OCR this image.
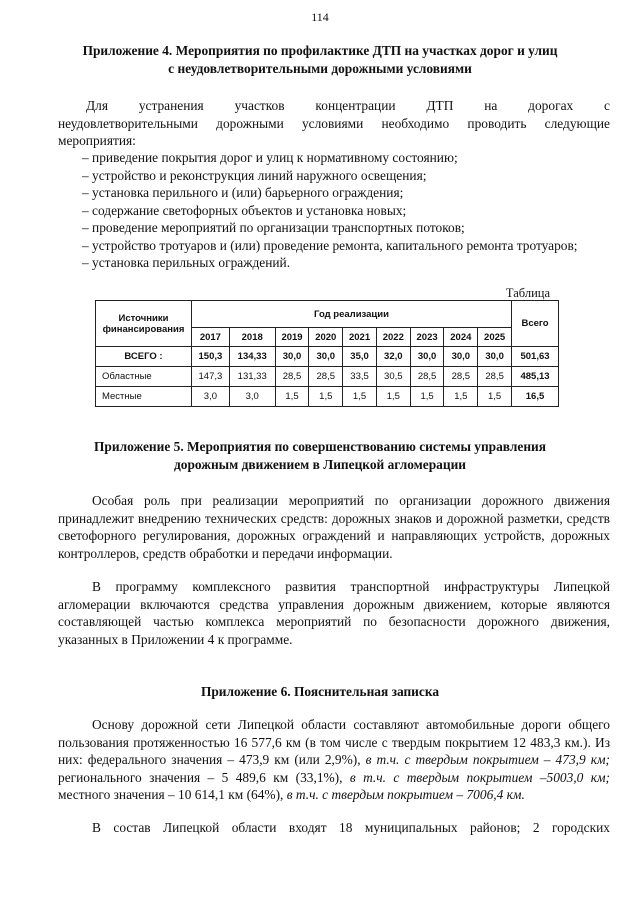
114
Приложение 4. Мероприятия по профилактике ДТП на участках дорог и улиц
с неудовлетворительными дорожными условиями
Для устранения участков концентрации ДТП на дорогах с
неудовлетворительными дорожными условиями необходимо проводить следующие мероприятия:
– приведение покрытия дорог и улиц к нормативному состоянию;
– устройство и реконструкция линий наружного освещения;
– установка перильного и (или) барьерного ограждения;
– содержание светофорных объектов и установка новых;
– проведение мероприятий по организации транспортных потоков;
– устройство тротуаров и (или) проведение ремонта, капитального ремонта тротуаров;
– установка перильных ограждений.
Таблица
Источники финансирования	Год реализации									Всего
	2017	2018	2019	2020	2021	2022	2023	2024	2025	
ВСЕГО :	150,3	134,33	30,0	30,0	35,0	32,0	30,0	30,0	30,0	501,63
Областные	147,3	131,33	28,5	28,5	33,5	30,5	28,5	28,5	28,5	485,13
Местные	3,0	3,0	1,5	1,5	1,5	1,5	1,5	1,5	1,5	16,5
Приложение 5. Мероприятия по совершенствованию системы управления
дорожным движением в Липецкой агломерации
Особая роль при реализации мероприятий по организации дорожного движения принадлежит внедрению технических средств: дорожных знаков и дорожной разметки, средств светофорного регулирования, дорожных ограждений и направляющих устройств, дорожных контроллеров, средств обработки и передачи информации.
В программу комплексного развития транспортной инфраструктуры Липецкой агломерации включаются средства управления дорожным движением, которые являются составляющей частью комплекса мероприятий по безопасности дорожного движения, указанных в Приложении 4 к программе.
Приложение 6. Пояснительная записка
Основу дорожной сети Липецкой области составляют автомобильные дороги общего пользования протяженностью 16 577,6 км (в том числе с твердым покрытием 12 483,3 км.). Из них: федерального значения – 473,9 км (или 2,9%), в т.ч. с твердым покрытием – 473,9 км; регионального значения – 5 489,6 км (33,1%), в т.ч. с твердым покрытием –5003,0 км; местного значения – 10 614,1 км (64%), в т.ч. с твердым покрытием – 7006,4 км.
В состав Липецкой области входят 18 муниципальных районов; 2 городских
